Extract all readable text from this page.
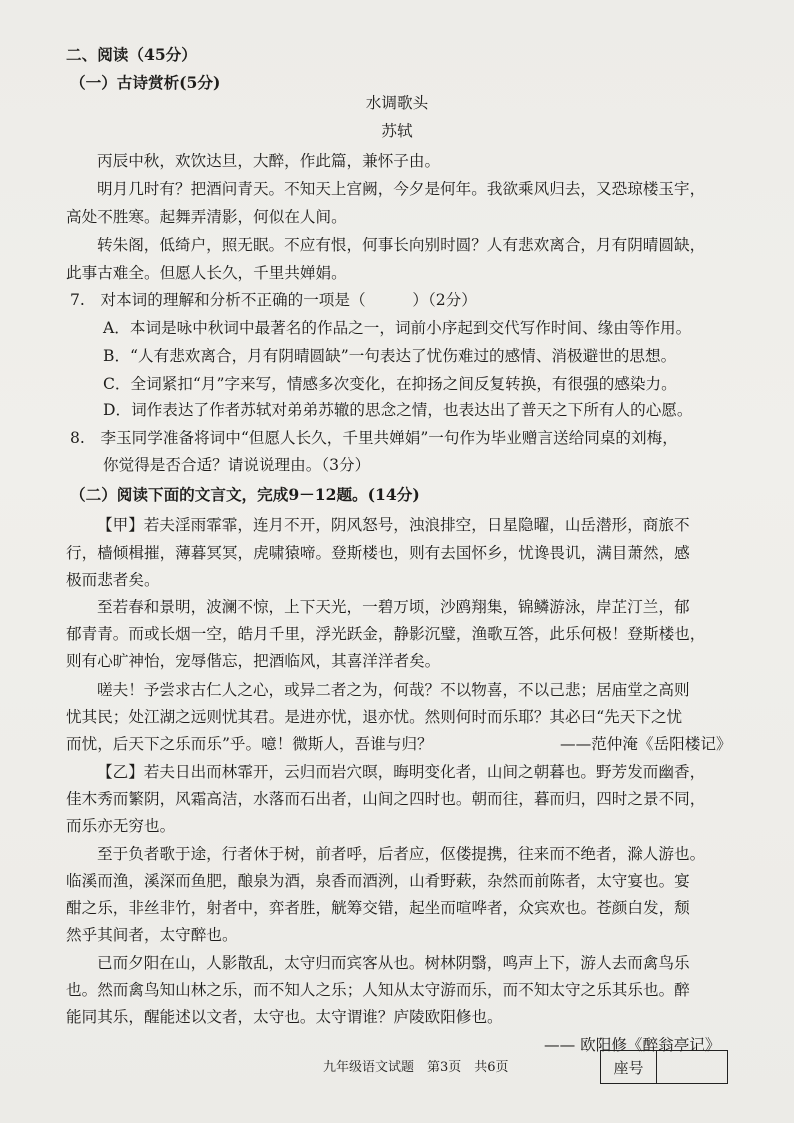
二、阅读（45分）
（一）古诗赏析(5分)
水调歌头
苏轼
丙辰中秋，欢饮达旦，大醉，作此篇，兼怀子由。
明月几时有？把酒问青天。不知天上宫阙，今夕是何年。我欲乘风归去，又恐琼楼玉宇，
高处不胜寒。起舞弄清影，何似在人间。
转朱阁，低绮户，照无眠。不应有恨，何事长向别时圆？人有悲欢离合，月有阴晴圆缺，
此事古难全。但愿人长久，千里共婵娟。
7.　对本词的理解和分析不正确的一项是（　　　）（2分）
A．本词是咏中秋词中最著名的作品之一，词前小序起到交代写作时间、缘由等作用。
B．“人有悲欢离合，月有阴晴圆缺”一句表达了忧伤难过的感情、消极避世的思想。
C．全词紧扣“月”字来写，情感多次变化，在抑扬之间反复转换，有很强的感染力。
D．词作表达了作者苏轼对弟弟苏辙的思念之情，也表达出了普天之下所有人的心愿。
8.　李玉同学准备将词中“但愿人长久，千里共婵娟”一句作为毕业赠言送给同桌的刘梅，
你觉得是否合适？请说说理由。（3分）
（二）阅读下面的文言文，完成9－12题。(14分)
【甲】若夫淫雨霏霏，连月不开，阴风怒号，浊浪排空，日星隐曜，山岳潜形，商旅不
行，樯倾楫摧，薄暮冥冥，虎啸猿啼。登斯楼也，则有去国怀乡，忧谗畏讥，满目萧然，感
极而悲者矣。
至若春和景明，波澜不惊，上下天光，一碧万顷，沙鸥翔集，锦鳞游泳，岸芷汀兰，郁
郁青青。而或长烟一空，皓月千里，浮光跃金，静影沉璧，渔歌互答，此乐何极！登斯楼也，
则有心旷神怡，宠辱偕忘，把酒临风，其喜洋洋者矣。
嗟夫！予尝求古仁人之心，或异二者之为，何哉？不以物喜，不以己悲；居庙堂之高则
忧其民；处江湖之远则忧其君。是进亦忧，退亦忧。然则何时而乐耶？其必曰“先天下之忧
而忧，后天下之乐而乐”乎。噫！微斯人，吾谁与归？	——范仲淹《岳阳楼记》
【乙】若夫日出而林霏开，云归而岩穴暝，晦明变化者，山间之朝暮也。野芳发而幽香，
佳木秀而繁阴，风霜高洁，水落而石出者，山间之四时也。朝而往，暮而归，四时之景不同，
而乐亦无穷也。
至于负者歌于途，行者休于树，前者呼，后者应，伛偻提携，往来而不绝者，滁人游也。
临溪而渔，溪深而鱼肥，酿泉为酒，泉香而酒洌，山肴野蔌，杂然而前陈者，太守宴也。宴
酣之乐，非丝非竹，射者中，弈者胜，觥筹交错，起坐而喧哗者，众宾欢也。苍颜白发，颓
然乎其间者，太守醉也。
已而夕阳在山，人影散乱，太守归而宾客从也。树林阴翳，鸣声上下，游人去而禽鸟乐
也。然而禽鸟知山林之乐，而不知人之乐；人知从太守游而乐，而不知太守之乐其乐也。醉
能同其乐，醒能述以文者，太守也。太守谓谁？庐陵欧阳修也。
—— 欧阳修《醉翁亭记》
九年级语文试题　第3页　共6页	座号
